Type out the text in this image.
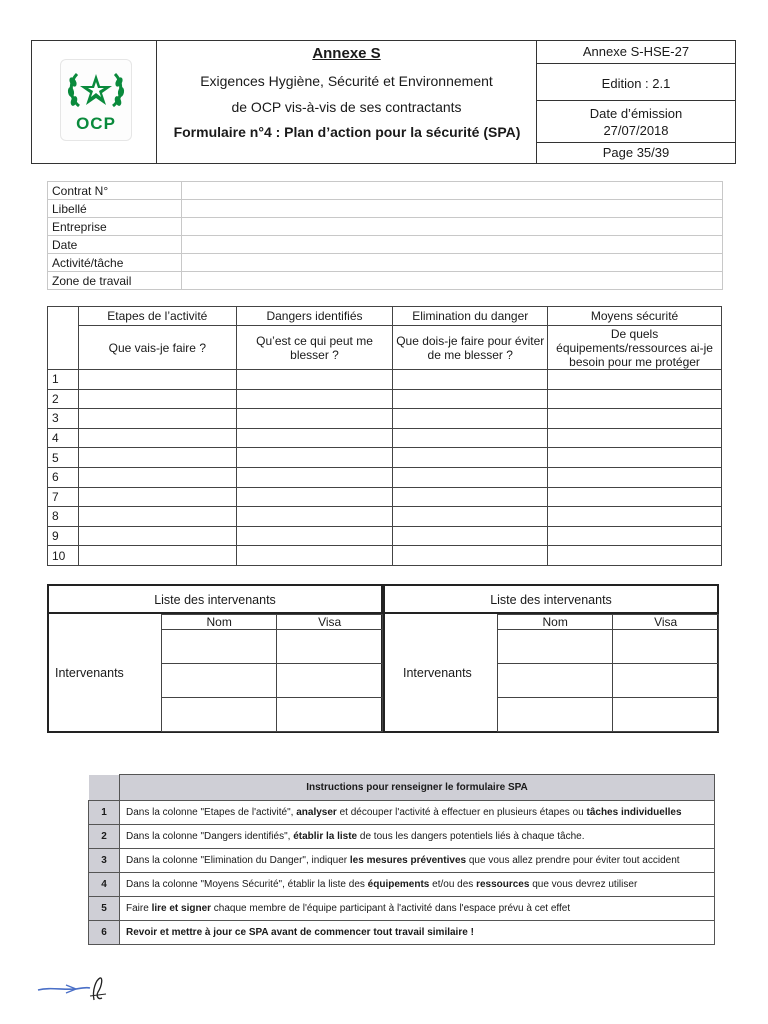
OCP
Annexe S
Exigences Hygiène, Sécurité et Environnement
de OCP vis-à-vis de ses contractants
Formulaire n°4 : Plan d’action pour la sécurité (SPA)
Annexe S-HSE-27
Edition : 2.1
Date d’émission
27/07/2018
Page 35/39
Contrat N°	
Libellé	
Entreprise	
Date	
Activité/tâche	
Zone de travail	
	Etapes de l’activité	Dangers identifiés	Elimination du danger	Moyens sécurité
	Que vais-je faire ?	Qu’est ce qui peut me blesser ?	Que dois-je faire pour éviter de me blesser ?	De quels équipements/ressources ai-je besoin pour me protéger
1				
2				
3				
4				
5				
6				
7				
8				
9				
10				
Liste des intervenants
Intervenants
Nom	Visa

Liste des intervenants
Intervenants
Nom	Visa

	Instructions pour renseigner le formulaire SPA
1	Dans la colonne "Etapes de l'activité", analyser et découper l'activité à effectuer en plusieurs étapes ou tâches individuelles
2	Dans la colonne "Dangers identifiés", établir la liste de tous les dangers potentiels liés à chaque tâche.
3	Dans la colonne "Elimination du Danger", indiquer les mesures préventives que vous allez prendre pour éviter tout accident
4	Dans la colonne "Moyens Sécurité", établir la liste des équipements et/ou des ressources que vous devrez utiliser
5	Faire lire et signer chaque membre de l'équipe participant à l'activité dans l'espace prévu à cet effet
6	Revoir et mettre à jour ce SPA avant de commencer tout travail similaire !
